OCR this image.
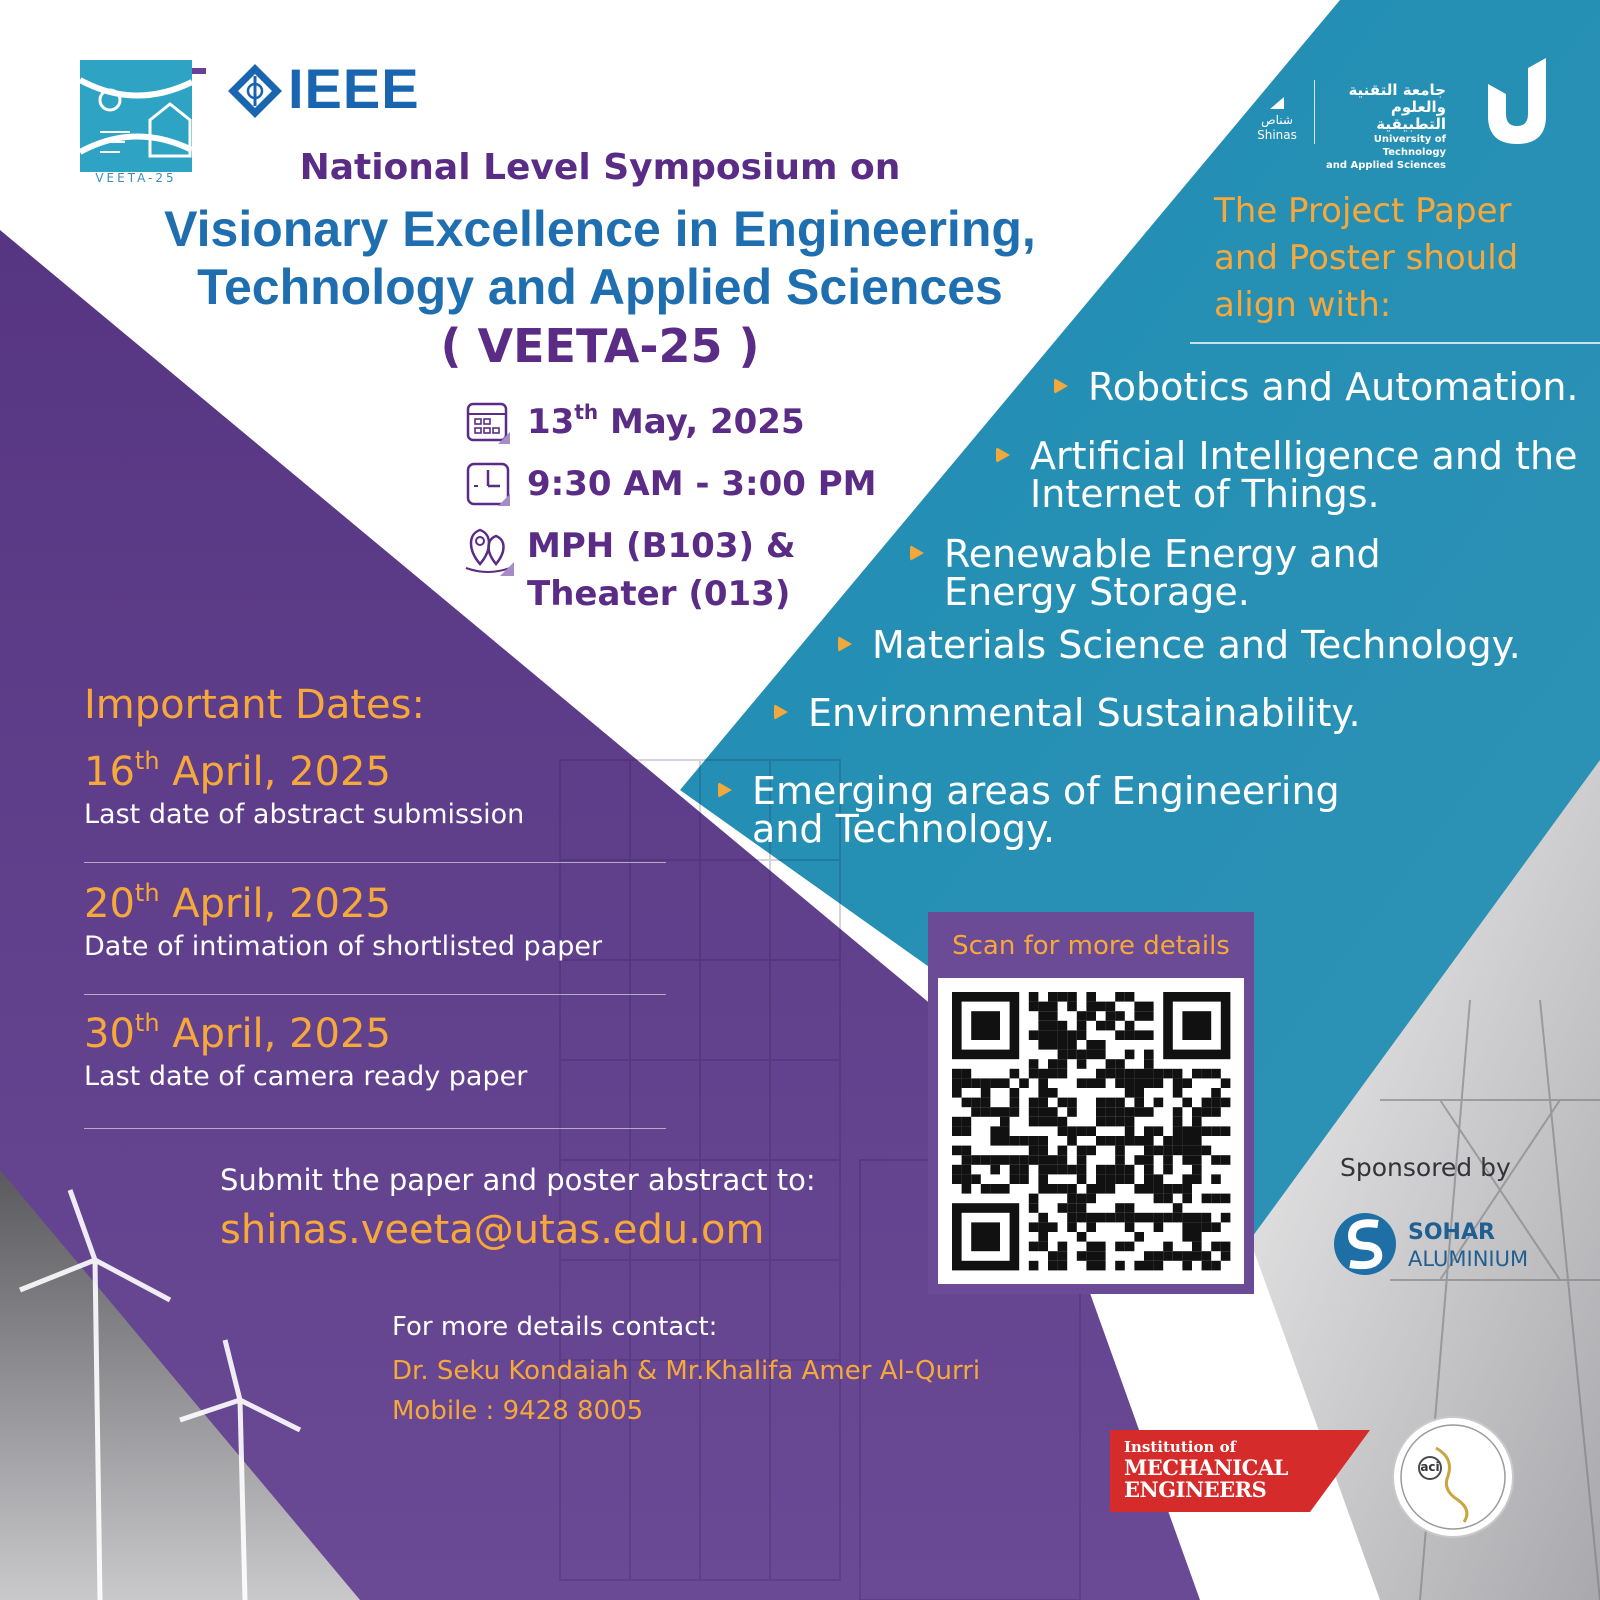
VEETA-25
IEEE	شناص
Shinas
جامعة التقنية
والعلوم التطبيقية
University of Technology
and Applied Sciences
National Level Symposium on
Visionary Excellence in Engineering,
Technology and Applied Sciences
( VEETA-25 )
13th May, 2025
9:30 AM - 3:00 PM
MPH (B103) &
Theater (013)
The Project Paper
and Poster should
align with:
Robotics and Automation.
Artificial Intelligence and the
Internet of Things.
Renewable Energy and
Energy Storage.
Materials Science and Technology.
Environmental Sustainability.
Emerging areas of Engineering
and Technology.
Important Dates:
16th April, 2025
Last date of abstract submission
20th April, 2025
Date of intimation of shortlisted paper
30th April, 2025
Last date of camera ready paper
Submit the paper and poster abstract to:
shinas.veeta@utas.edu.om
For more details contact:
Dr. Seku Kondaiah & Mr.Khalifa Amer Al-Qurri
Mobile : 9428 8005
Scan for more details
Sponsored by
SOHAR
ALUMINIUM
Institution of
MECHANICAL
ENGINEERS
aci
